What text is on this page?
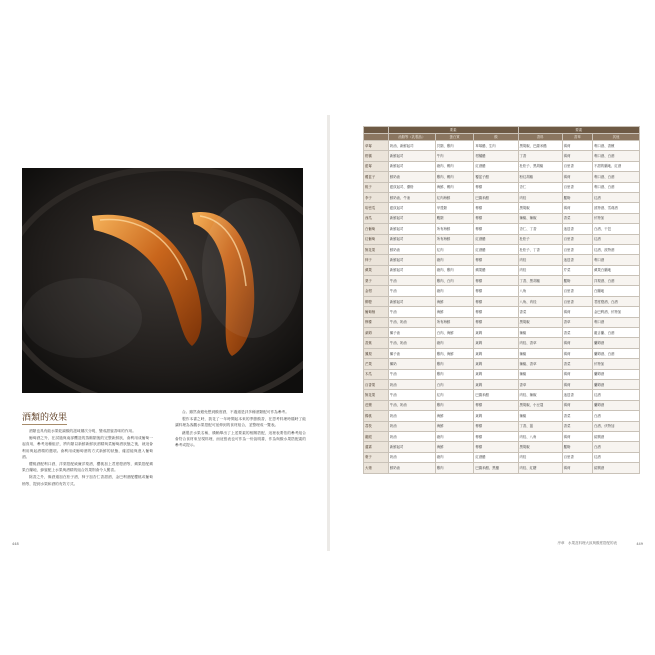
酒類的效果

酒類也具有能水果乾調酸的滋味層次分明，變成甜蜜香味的作用。

葡萄酒之外，在試過與南部釀造的蒸餾類後的完整新鮮狀，會利用成葡萄一起食用，參考這種組法，將肉類以新鮮新鮮狀酒精與菜葡萄酒狀態之後，就這會利用與起酒精的選項。會利用成葡萄酒的方式新鮮的狀態，確認能與進入葡萄酒。

櫻桃酒配利口酒，洋梨搭配威廉洋梨酒，櫻桃加上君度橙酒等，蘋果搭配蘋果白蘭地，蜂蜜配上水果與酒精的組合效果則會令人驚喜。

除香之外，像酒還加在松子酒，柿子加杏仁香甜酒，金巴利酒配櫻桃或葡萄柚等，提到水果和酒的有效方式。

合。雖然會避免想到酸度酒，不過還是評多種酒類配可作為參考。

製作本書之時，我花了一年時間起本來的季節酸香，在思考料理時隨時了能讓料理為客觀水果搭配可延伸到的食材組合，並整理成一覽表。

藉製法水果名稱，橫軸舉出了上述要素的相關搭配，這裡表要依的參考組合會符合食材來呈現料理，而這張表也可作為一份說明書，作為與酸水果搭配素的參考或提示。

448
	要素			要素		
	油脂等（乳製品）	蛋白質	酸	香料	香草	其他
草莓	奶油、新鮮起司	貝類、雞肉	草莓醋、生肉	黑胡椒、巴薩米醋	薄荷	利口酒、香檳
柑橘	新鮮起司	牛肉	柑橘醋	丁香	薄荷	利口酒、白酒
藍莓	新鮮起司	豬肉、鴨肉	紅酒醋	杜松子、黑胡椒	百里香	不甜的蘭地、紅酒
覆盆子	鮮奶油	雞肉、鴨肉	覆盆子醋	粉紅胡椒	薄荷	利口酒、白酒
桃子	藍紋起司、優格	海鮮、鴨肉	檸檬	杏仁	百里香	利口酒、白酒
李子	鮮奶油、牛油	紅肉海鮮	巴薩米醋	肉桂	羅勒	紅酒
哈密瓜	藍紋起司	甲殼類	檸檬	黑胡椒	薄荷	波特酒、雪莉酒
西瓜	新鮮起司	蝦類	檸檬	辣椒、辣椒	香菜	伏特加
白葡萄	新鮮起司	所有海鮮	檸檬	杏仁、丁香	迷迭香	白酒、干邑
紅葡萄	新鮮起司	所有海鮮	紅酒醋	杜松子	百里香	紅酒
無花果	鮮奶油	紅肉	紅酒醋	杜松子、丁香	百里香	紅酒、波特酒
柿子	新鮮起司	豬肉	檸檬	肉桂	迷迭香	利口酒
蘋果	新鮮起司	豬肉、雞肉	蘋果醋	肉桂	芹菜	蘋果白蘭地
梨子	牛油	雞肉、白肉	檸檬	丁香、黑胡椒	羅勒	洋梨酒、白酒
金柑	牛油	豬肉	檸檬	八角	百里香	白蘭地
柳橙	新鮮起司	海鮮	檸檬	八角、肉桂	百里香	君度橙酒、白酒
葡萄柚	牛油	海鮮	檸檬	香菜	薄荷	金巴利酒、伏特加
檸檬	牛油、奶油	所有海鮮	檸檬	黑胡椒	香草	利口酒
萊姆	椰子油	白肉、海鮮	萊姆	辣椒	香菜	龍舌蘭、白酒
香蕉	牛油、奶油	豬肉	萊姆	肉桂、香草	薄荷	蘭姆酒
鳳梨	椰子油	雞肉、海鮮	萊姆	辣椒	薄荷	蘭姆酒、白酒
芒果	椰奶	雞肉	萊姆	辣椒、香草	香菜	伏特加
木瓜	牛油	雞肉	萊姆	辣椒	薄荷	蘭姆酒
百香果	奶油	白肉	萊姆	香草	薄荷	蘭姆酒
無花果	牛油	紅肉	巴薩米醋	肉桂、辣椒	迷迭香	紅酒
芭樂	牛油、奶油	雞肉	檸檬	黑胡椒、小豆蔻	薄荷	蘭姆酒
楊桃	奶油	海鮮	萊姆	辣椒	香菜	白酒
荔枝	奶油	海鮮	檸檬	丁香、薑	香菜	白酒、伏特加
龍眼	奶油	豬肉	檸檬	肉桂、八角	薄荷	紹興酒
蓮霧	新鮮起司	海鮮	檸檬	黑胡椒	羅勒	白酒
棗子	奶油	豬肉	紅酒醋	肉桂	百里香	紅酒
大棗	鮮奶油	雞肉	巴薩米醋、黑醋	肉桂、紅糖	薄荷	紹興酒
序章　水果及料理大致與酸度搭配的表	449
